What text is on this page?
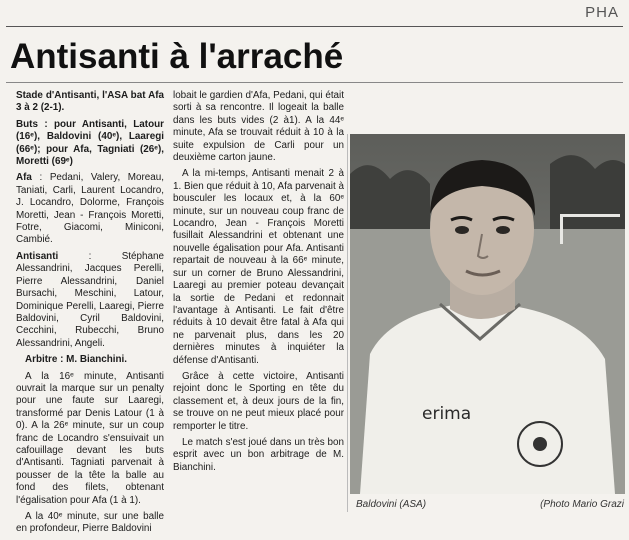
PHA
Antisanti à l'arraché

Stade d'Antisanti, l'ASA bat Afa 3 à 2 (2-1).

Buts : pour Antisanti, Latour (16ᵉ), Baldovini (40ᵉ), Laaregi (66ᵉ); pour Afa, Tagniati (26ᵉ), Moretti (69ᵉ)

Afa : Pedani, Valery, Moreau, Taniati, Carli, Laurent Locandro, J. Locandro, Dolorme, François Moretti, Jean - François Moretti, Fotre, Giacomi, Miniconi, Cambié.

Antisanti : Stéphane Alessandrini, Jacques Perelli, Pierre Alessandrini, Daniel Bursachi, Meschini, Latour, Dominique Perelli, Laaregi, Pierre Baldovini, Cyril Baldovini, Cecchini, Rubecchi, Bruno Alessandrini, Angeli.

Arbitre : M. Bianchini.

A la 16ᵉ minute, Antisanti ouvrait la marque sur un penalty pour une faute sur Laaregi, transformé par Denis Latour (1 à 0). A la 26ᵉ minute, sur un coup franc de Locandro s'ensuivait un cafouillage devant les buts d'Antisanti. Tagniati parvenait à pousser de la tête la balle au fond des filets, obtenant l'égalisation pour Afa (1 à 1).

A la 40ᵉ minute, sur une balle en profondeur, Pierre Baldovini

lobait le gardien d'Afa, Pedani, qui était sorti à sa rencontre. Il logeait la balle dans les buts vides (2 à1). A la 44ᵉ minute, Afa se trouvait réduit à 10 à la suite expulsion de Carli pour un deuxième carton jaune.

A la mi-temps, Antisanti menait 2 à 1. Bien que réduit à 10, Afa parvenait à bousculer les locaux et, à la 60ᵉ minute, sur un nouveau coup franc de Locandro, Jean - François Moretti fusillait Alessandrini et obtenant une nouvelle égalisation pour Afa. Antisanti repartait de nouveau à la 66ᵉ minute, sur un corner de Bruno Alessandrini, Laaregi au premier poteau devançait la sortie de Pedani et redonnait l'avantage à Antisanti. Le fait d'être réduits à 10 devait être fatal à Afa qui ne parvenait plus, dans les 20 dernières minutes à inquiéter la défense d'Antisanti.

Grâce à cette victoire, Antisanti rejoint donc le Sporting en tête du classement et, à deux jours de la fin, se trouve on ne peut mieux placé pour remporter le titre.

Le match s'est joué dans un très bon esprit avec un bon arbitrage de M. Bianchini.

erima
Baldovini (ASA)	(Photo Mario Grazi
